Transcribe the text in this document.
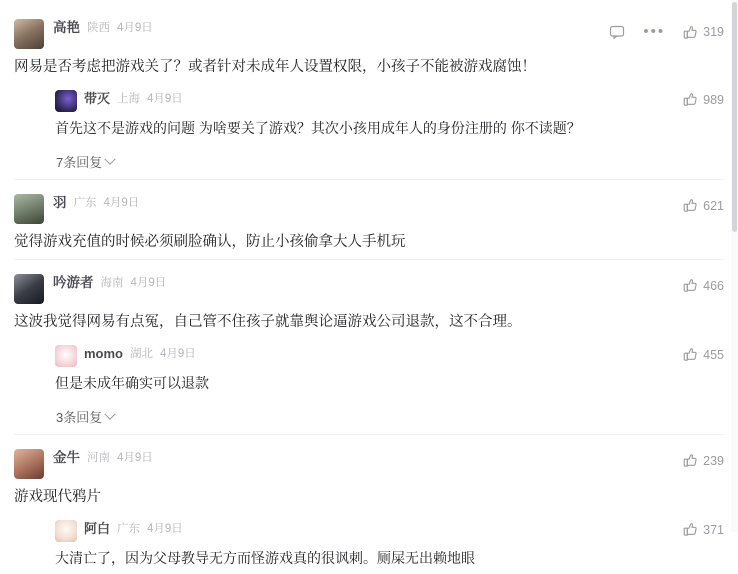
•••	319
高艳 陕西 4月9日
网易是否考虑把游戏关了？或者针对未成年人设置权限，小孩子不能被游戏腐蚀！
989
带灭 上海 4月9日
首先这不是游戏的问题 为啥要关了游戏？其次小孩用成年人的身份注册的 你不读题？
7条回复
621
羽 广东 4月9日
觉得游戏充值的时候必须刷脸确认，防止小孩偷拿大人手机玩
466
吟游者 海南 4月9日
这波我觉得网易有点冤，自己管不住孩子就靠舆论逼游戏公司退款，这不合理。
455
momo 湖北 4月9日
但是未成年确实可以退款
3条回复
239
金牛 河南 4月9日
游戏现代鸦片
371
阿白 广东 4月9日
大清亡了，因为父母教导无方而怪游戏真的很讽刺。厕屎无出赖地眼
